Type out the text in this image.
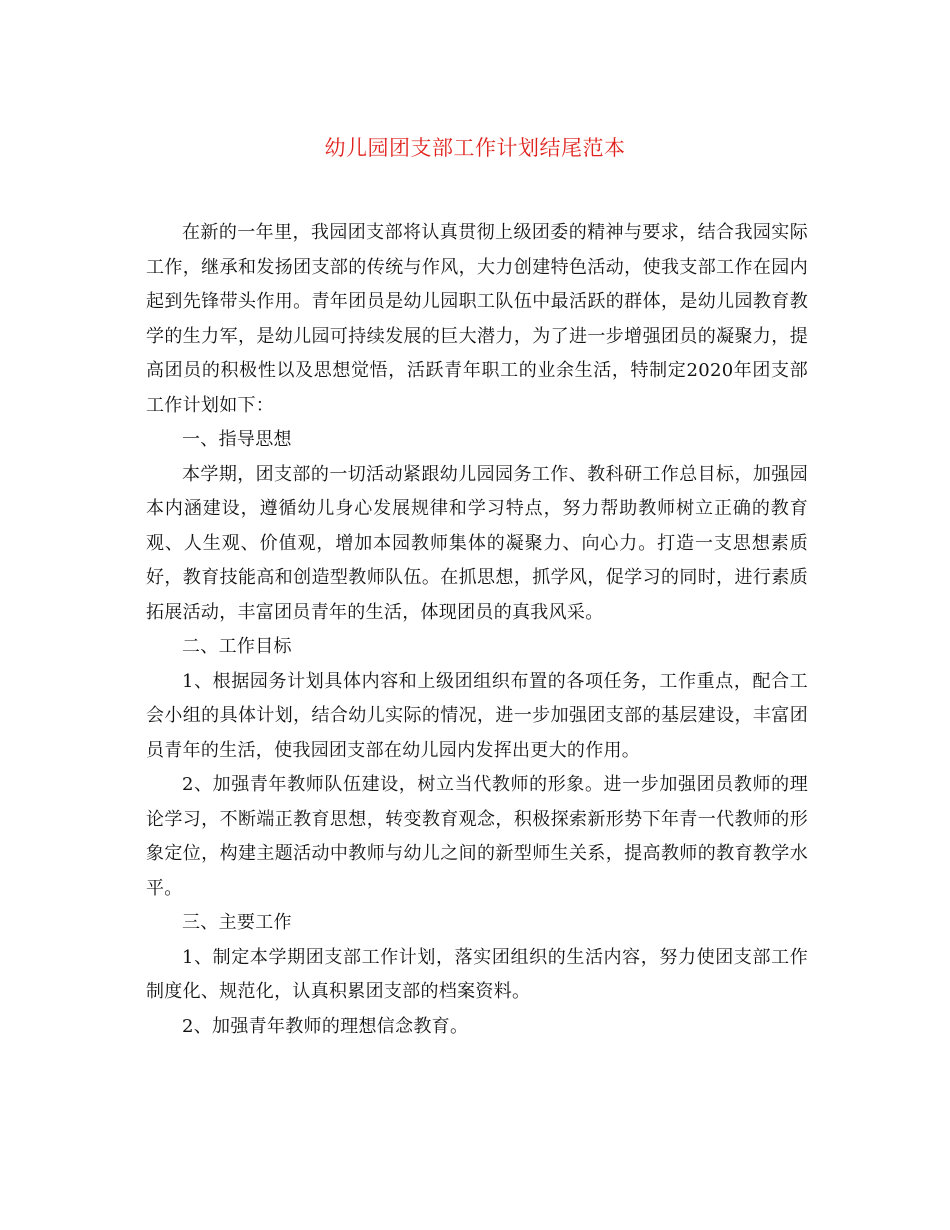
幼儿园团支部工作计划结尾范本

在新的一年里，我园团支部将认真贯彻上级团委的精神与要求，结合我园实际工作，继承和发扬团支部的传统与作风，大力创建特色活动，使我支部工作在园内起到先锋带头作用。青年团员是幼儿园职工队伍中最活跃的群体，是幼儿园教育教学的生力军，是幼儿园可持续发展的巨大潜力，为了进一步增强团员的凝聚力，提高团员的积极性以及思想觉悟，活跃青年职工的业余生活，特制定2020年团支部工作计划如下：

一、指导思想

本学期，团支部的一切活动紧跟幼儿园园务工作、教科研工作总目标，加强园本内涵建设，遵循幼儿身心发展规律和学习特点，努力帮助教师树立正确的教育观、人生观、价值观，增加本园教师集体的凝聚力、向心力。打造一支思想素质好，教育技能高和创造型教师队伍。在抓思想，抓学风，促学习的同时，进行素质拓展活动，丰富团员青年的生活，体现团员的真我风采。

二、工作目标

1、根据园务计划具体内容和上级团组织布置的各项任务，工作重点，配合工会小组的具体计划，结合幼儿实际的情况，进一步加强团支部的基层建设，丰富团员青年的生活，使我园团支部在幼儿园内发挥出更大的作用。

2、加强青年教师队伍建设，树立当代教师的形象。进一步加强团员教师的理论学习，不断端正教育思想，转变教育观念，积极探索新形势下年青一代教师的形象定位，构建主题活动中教师与幼儿之间的新型师生关系，提高教师的教育教学水平。

三、主要工作

1、制定本学期团支部工作计划，落实团组织的生活内容，努力使团支部工作制度化、规范化，认真积累团支部的档案资料。

2、加强青年教师的理想信念教育。
